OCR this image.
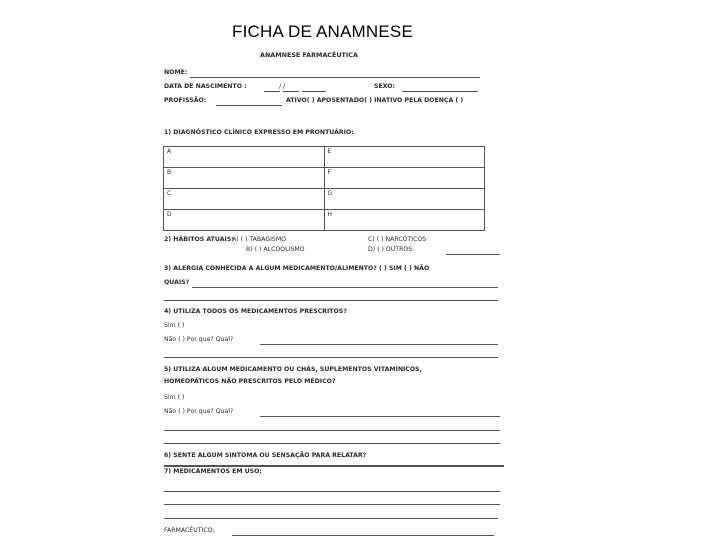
FICHA DE ANAMNESE
ANAMNESE FARMACÊUTICA
NOME:
DATA DE NASCIMENTO :	/ /	SEXO:
PROFISSÃO:	ATIVO( ) APOSENTADO( ) INATIVO PELA DOENÇA ( )
1) DIAGNÓSTICO CLÍNICO EXPRESSO EM PRONTUÁRIO:
A	E
B	F
C	G
D	H
2) HÁBITOS ATUAIS:
A) ( ) TABAGISMO
B) ( ) ALCOOLISMO
C) ( ) NARCÓTICOS
D) ( ) OUTROS:
3) ALERGIA CONHECIDA A ALGUM MEDICAMENTO/ALIMENTO? ( ) SIM ( ) NÃO
QUAIS?
4) UTILIZA TODOS OS MEDICAMENTOS PRESCRITOS?
Sim ( )
Não ( ) Por que? Qual?
5) UTILIZA ALGUM MEDICAMENTO OU CHÁS, SUPLEMENTOS VITAMÍNICOS,
HOMEOPÁTICOS NÃO PRESCRITOS PELO MÉDICO?
Sim ( )
Não ( ) Por que? Qual?
6) SENTE ALGUM SINTOMA OU SENSAÇÃO PARA RELATAR?
7) MEDICAMENTOS EM USO:
FARMACÊUTICO:
